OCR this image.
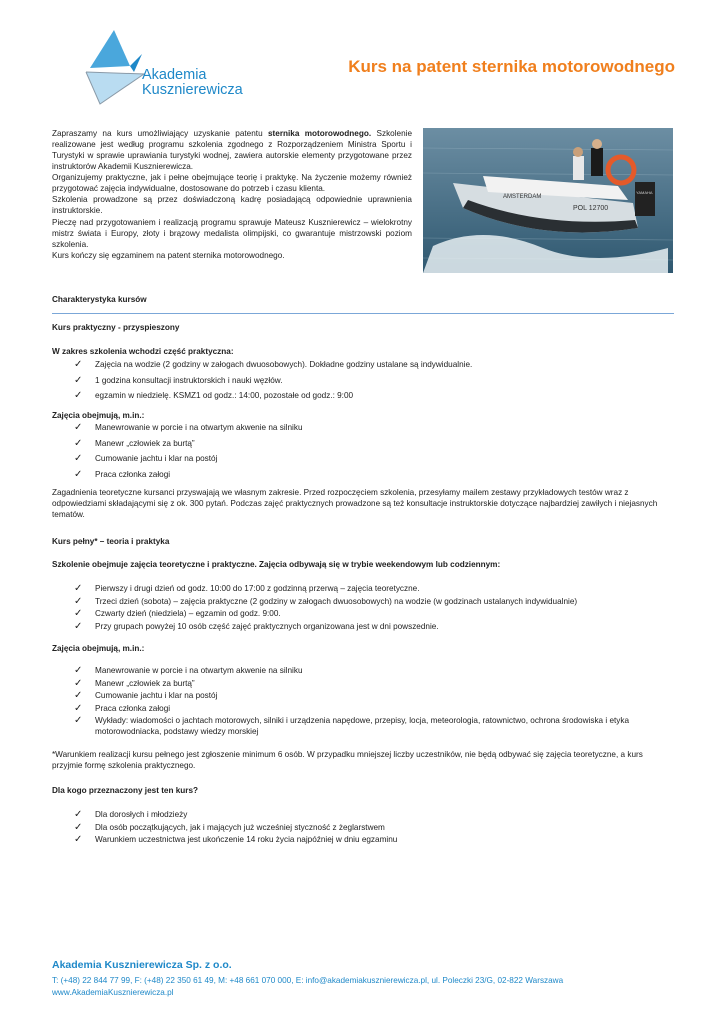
Akademia
Kusznierewicza
Kurs na patent sternika motorowodnego

Zapraszamy na kurs umożliwiający uzyskanie patentu sternika motorowodnego. Szkolenie realizowane jest według programu szkolenia zgodnego z Rozporządzeniem Ministra Sportu i Turystyki w sprawie uprawiania turystyki wodnej, zawiera autorskie elementy przygotowane przez instruktorów Akademii Kusznierewicza.

Organizujemy praktyczne, jak i pełne obejmujące teorię i praktykę. Na życzenie możemy również przygotować zajęcia indywidualne, dostosowane do potrzeb i czasu klienta.

Szkolenia prowadzone są przez doświadczoną kadrę posiadającą odpowiednie uprawnienia instruktorskie.

Pieczę nad przygotowaniem i realizacją programu sprawuje Mateusz Kusznierewicz – wielokrotny mistrz świata i Europy, złoty i brązowy medalista olimpijski, co gwarantuje mistrzowski poziom szkolenia.

Kurs kończy się egzaminem na patent sternika motorowodnego.

AMSTERDAM
POL 12700
YAMAHA
Charakterystyka kursów
Kurs praktyczny - przyspieszony
W zakres szkolenia wchodzi część praktyczna:
✓ Zajęcia na wodzie (2 godziny w załogach dwuosobowych). Dokładne godziny ustalane są indywidualnie.
✓ 1 godzina konsultacji instruktorskich i nauki węzłów.
✓ egzamin w niedzielę. KSMZ1 od godz.: 14:00, pozostałe od godz.: 9:00
Zajęcia obejmują, m.in.:
✓ Manewrowanie w porcie i na otwartym akwenie na silniku
✓ Manewr „człowiek za burtą”
✓ Cumowanie jachtu i klar na postój
✓ Praca członka załogi
Zagadnienia teoretyczne kursanci przyswajają we własnym zakresie. Przed rozpoczęciem szkolenia, przesyłamy mailem zestawy przykładowych testów wraz z odpowiedziami składającymi się z ok. 300 pytań. Podczas zajęć praktycznych prowadzone są też konsultacje instruktorskie dotyczące najbardziej zawiłych i niejasnych tematów.
Kurs pełny* – teoria i praktyka
Szkolenie obejmuje zajęcia teoretyczne i praktyczne. Zajęcia odbywają się w trybie weekendowym lub codziennym:
✓ Pierwszy i drugi dzień od godz. 10:00 do 17:00 z godzinną przerwą – zajęcia teoretyczne.
✓ Trzeci dzień (sobota) – zajęcia praktyczne (2 godziny w załogach dwuosobowych) na wodzie (w godzinach ustalanych indywidualnie)
✓ Czwarty dzień (niedziela) – egzamin od godz. 9:00.
✓ Przy grupach powyżej 10 osób część zajęć praktycznych organizowana jest w dni powszednie.
Zajęcia obejmują, m.in.:
✓ Manewrowanie w porcie i na otwartym akwenie na silniku
✓ Manewr „człowiek za burtą”
✓ Cumowanie jachtu i klar na postój
✓ Praca członka załogi
✓ Wykłady: wiadomości o jachtach motorowych, silniki i urządzenia napędowe, przepisy, locja, meteorologia, ratownictwo, ochrona środowiska i etyka motorowodniacka, podstawy wiedzy morskiej
*Warunkiem realizacji kursu pełnego jest zgłoszenie minimum 6 osób. W przypadku mniejszej liczby uczestników, nie będą odbywać się zajęcia teoretyczne, a kurs przyjmie formę szkolenia praktycznego.
Dla kogo przeznaczony jest ten kurs?
✓ Dla dorosłych i młodzieży
✓ Dla osób początkujących, jak i mających już wcześniej styczność z żeglarstwem
✓ Warunkiem uczestnictwa jest ukończenie 14 roku życia najpóźniej w dniu egzaminu
Akademia Kusznierewicza Sp. z o.o.
T: (+48) 22 844 77 99, F: (+48) 22 350 61 49, M: +48 661 070 000, E: info@akademiakusznierewicza.pl, ul. Poleczki 23/G, 02-822 Warszawa
www.AkademiaKusznierewicza.pl
